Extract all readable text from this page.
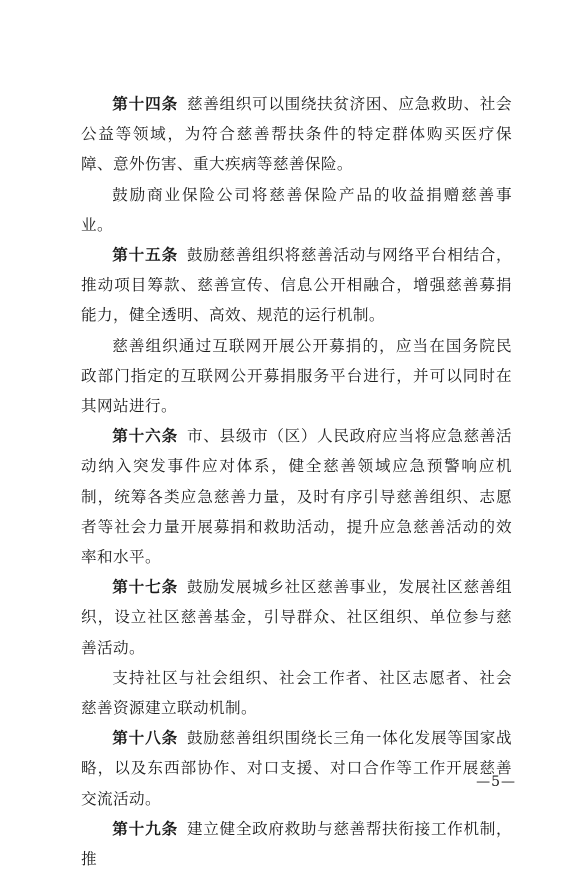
第十四条 慈善组织可以围绕扶贫济困、应急救助、社会公益等领域，为符合慈善帮扶条件的特定群体购买医疗保障、意外伤害、重大疾病等慈善保险。

鼓励商业保险公司将慈善保险产品的收益捐赠慈善事业。

第十五条 鼓励慈善组织将慈善活动与网络平台相结合，推动项目筹款、慈善宣传、信息公开相融合，增强慈善募捐能力，健全透明、高效、规范的运行机制。

慈善组织通过互联网开展公开募捐的，应当在国务院民政部门指定的互联网公开募捐服务平台进行，并可以同时在其网站进行。

第十六条 市、县级市（区）人民政府应当将应急慈善活动纳入突发事件应对体系，健全慈善领域应急预警响应机制，统筹各类应急慈善力量，及时有序引导慈善组织、志愿者等社会力量开展募捐和救助活动，提升应急慈善活动的效率和水平。

第十七条 鼓励发展城乡社区慈善事业，发展社区慈善组织，设立社区慈善基金，引导群众、社区组织、单位参与慈善活动。

支持社区与社会组织、社会工作者、社区志愿者、社会慈善资源建立联动机制。

第十八条 鼓励慈善组织围绕长三角一体化发展等国家战略，以及东西部协作、对口支援、对口合作等工作开展慈善交流活动。

第十九条 建立健全政府救助与慈善帮扶衔接工作机制，推

—5—
